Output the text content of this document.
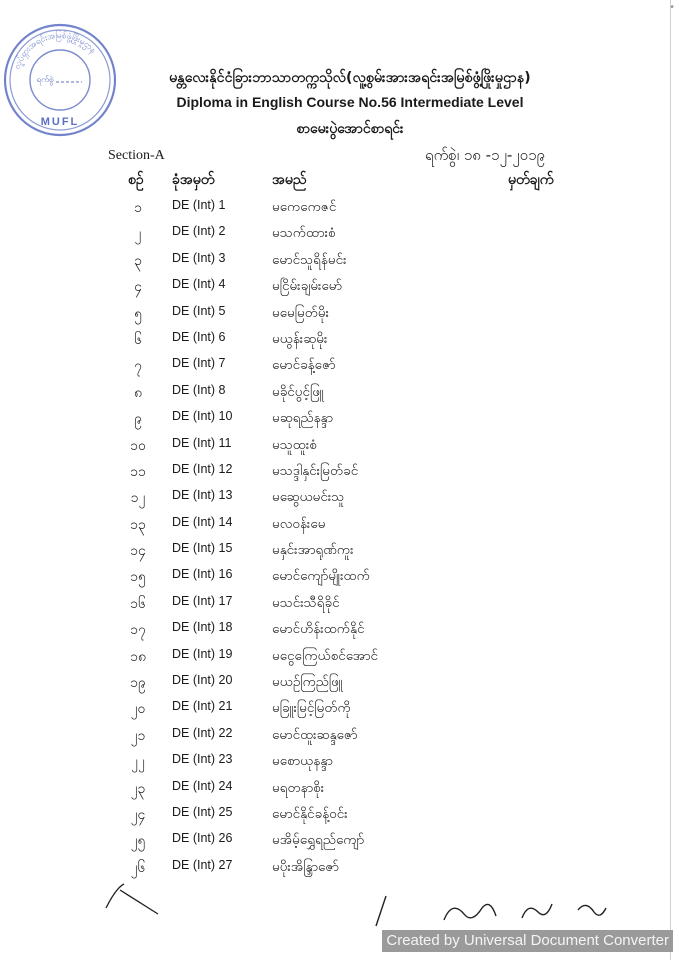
•
လှုပ်ရှားအရင်းအမြစ်ဖွံ့ဖြိုးမှုဌာန
ရက်စွဲ
MUFL
မန္တလေးနိုင်ငံခြားဘာသာတက္ကသိုလ်(လူ့စွမ်းအားအရင်းအမြစ်ဖွံ့ဖြိုးမှုဌာန)
Diploma in English Course No.56 Intermediate Level
စာမေးပွဲအောင်စာရင်း
Section-A	ရက်စွဲ၊ ၁၈ -၁၂-၂၀၁၉
စဉ် ခုံအမှတ်	အမည်	မှတ်ချက်
၁	DE (Int) 1	မကေကေဇင်
၂	DE (Int) 2	မသက်ထားစံ
၃	DE (Int) 3	မောင်သူရိန်မင်း
၄	DE (Int) 4	မငြိမ်းချမ်းမော်
၅	DE (Int) 5	မမေမြတ်မိုး
၆	DE (Int) 6	မယွန်းဆုမိုး
၇	DE (Int) 7	မောင်ခန့်ဇော်
၈	DE (Int) 8	မခိုင်ပွင့်ဖြူ
၉	DE (Int) 10	မဆုရည်နန္ဒာ
၁၀	DE (Int) 11	မသူထူးစံ
၁၁	DE (Int) 12	မသဒ္ဒါနှင်းမြတ်ခင်
၁၂	DE (Int) 13	မဆွေယမင်းသူ
၁၃	DE (Int) 14	မလဝန်းမေ
၁၄	DE (Int) 15	မနှင်းအာရုဏ်ကူး
၁၅	DE (Int) 16	မောင်ကျော်မျိုးထက်
၁၆	DE (Int) 17	မသင်းသီရိခိုင်
၁၇	DE (Int) 18	မောင်ဟိန်းထက်နိုင်
၁၈	DE (Int) 19	မငွေကြေယ်စင်အောင်
၁၉	DE (Int) 20	မယဉ်ကြည်ဖြူ
၂၀	DE (Int) 21	မခြူးမြင့်မြတ်ကို
၂၁	DE (Int) 22	မောင်ထူးဆန္ဒဇော်
၂၂	DE (Int) 23	မစောယုနန္ဒာ
၂၃	DE (Int) 24	မရတနာစိုး
၂၄	DE (Int) 25	မောင်နိုင်ခန့်ဝင်း
၂၅	DE (Int) 26	မအိမ့်ရွှေရည်ကျော်
၂၆	DE (Int) 27	မပိုးအိန္ဒြာဇော်
Created by Universal Document Converter
